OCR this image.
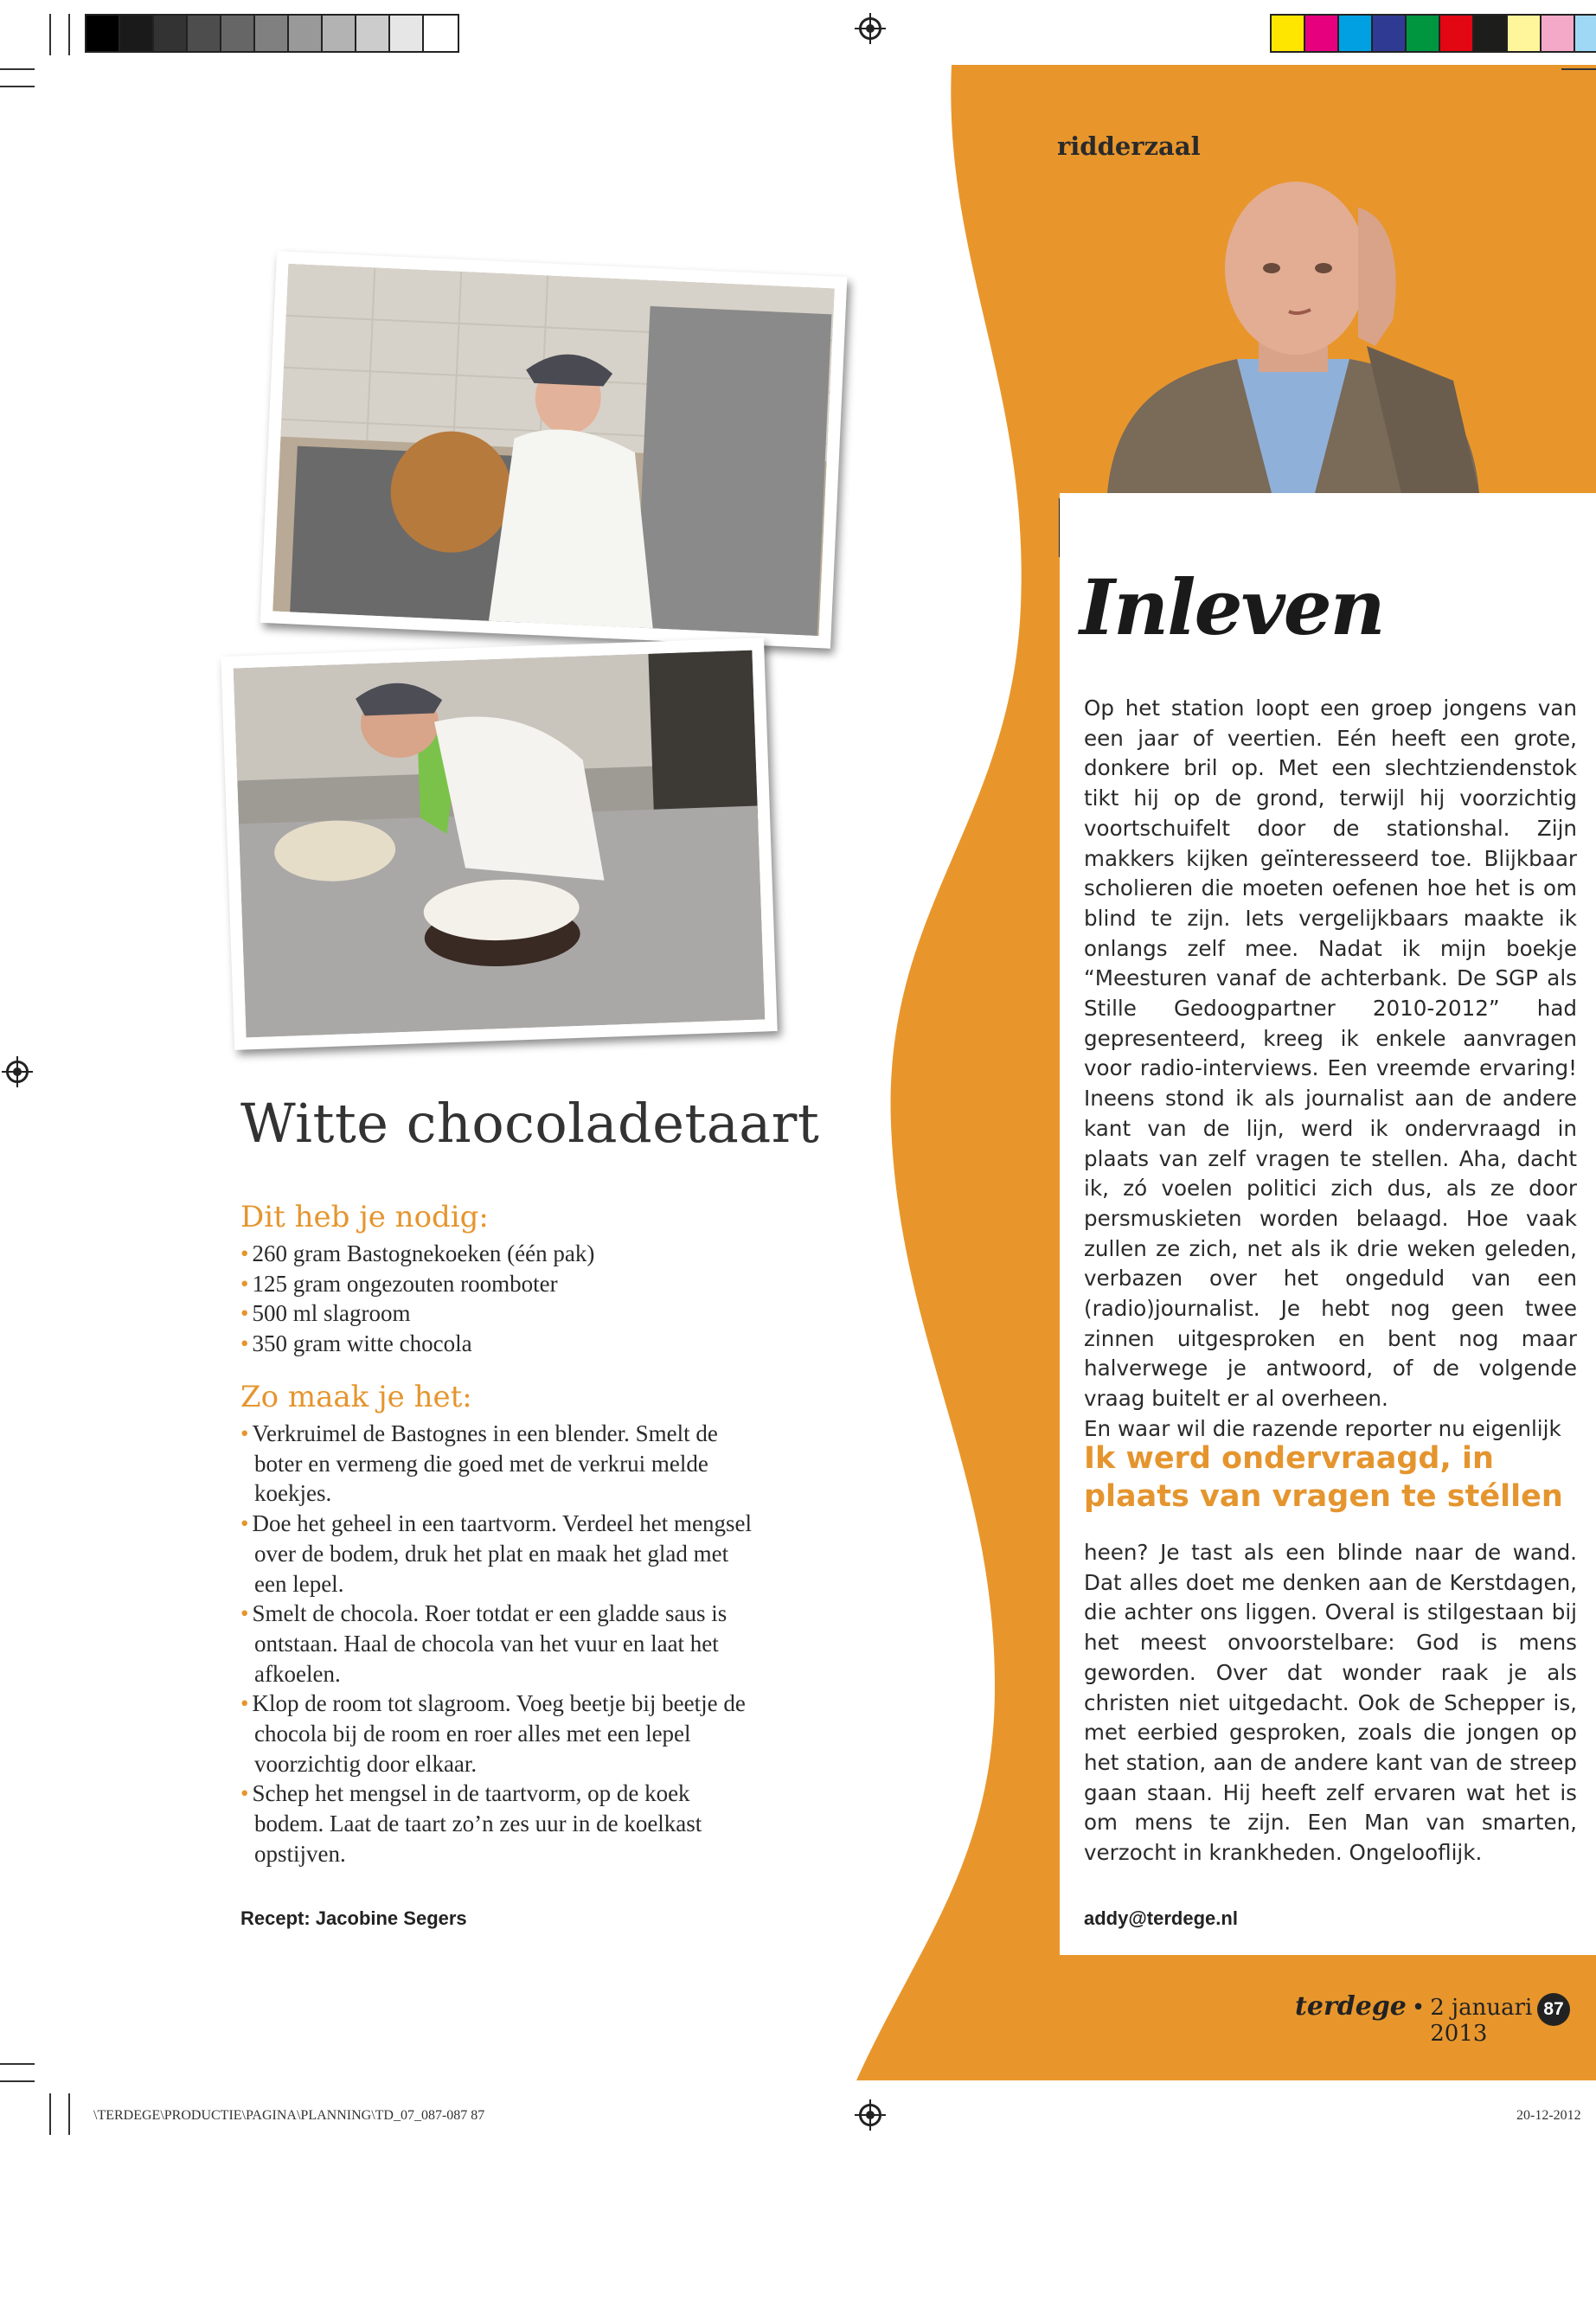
ridderzaal
Inleven

Op het station loopt een groep jongens van een jaar of veertien. Eén heeft een grote, donkere bril op. Met een slechtziendenstok tikt hij op de grond, terwijl hij voorzichtig voortschuifelt door de stationshal. Zijn makkers kijken geïnteresseerd toe. Blijkbaar scholieren die moeten oefenen hoe het is om blind te zijn. Iets vergelijkbaars maakte ik onlangs zelf mee. Nadat ik mijn boekje “Meesturen vanaf de achterbank. De SGP als Stille Gedoogpartner 2010-2012” had gepresenteerd, kreeg ik enkele aanvragen voor radio-interviews. Een vreemde ervaring! Ineens stond ik als journalist aan de andere kant van de lijn, werd ik ondervraagd in plaats van zelf vragen te stellen. Aha, dacht ik, zó voelen politici zich dus, als ze door persmuskieten worden belaagd. Hoe vaak zullen ze zich, net als ik drie weken geleden, verbazen over het ongeduld van een (radio)journalist. Je hebt nog geen twee zinnen uitgesproken en bent nog maar halverwege je antwoord, of de volgende vraag buitelt er al overheen.

En waar wil die razende reporter nu eigenlijk

Ik werd ondervraagd, in plaats van vragen te stéllen

heen? Je tast als een blinde naar de wand. Dat alles doet me denken aan de Kerstdagen, die achter ons liggen. Overal is stilgestaan bij het meest onvoorstelbare: God is mens geworden. Over dat wonder raak je als christen niet uitgedacht. Ook de Schepper is, met eerbied gesproken, zoals die jongen op het station, aan de andere kant van de streep gaan staan. Hij heeft zelf ervaren wat het is om mens te zijn. Een Man van smarten, verzocht in krankheden. Ongelooflijk.

addy@terdege.nl
Witte chocoladetaart
Dit heb je nodig:
• 260 gram Bastognekoeken (één pak)
• 125 gram ongezouten roomboter
• 500 ml slagroom
• 350 gram witte chocola
Zo maak je het:
• Verkruimel de Bastognes in een blender. Smelt de boter en vermeng die goed met de verkrui melde koekjes.
• Doe het geheel in een taartvorm. Verdeel het mengsel over de bodem, druk het plat en maak het glad met een lepel.
• Smelt de chocola. Roer totdat er een gladde saus is ontstaan. Haal de chocola van het vuur en laat het afkoelen.
• Klop de room tot slagroom. Voeg beetje bij beetje de chocola bij de room en roer alles met een lepel voorzichtig door elkaar.
• Schep het mengsel in de taartvorm, op de koek bodem. Laat de taart zo’n zes uur in de koelkast opstijven.
Recept: Jacobine Segers
terdege • 2 januari 2013
87
\TERDEGE\PRODUCTIE\PAGINA\PLANNING\TD_07_087-087 87	20-12-2012
